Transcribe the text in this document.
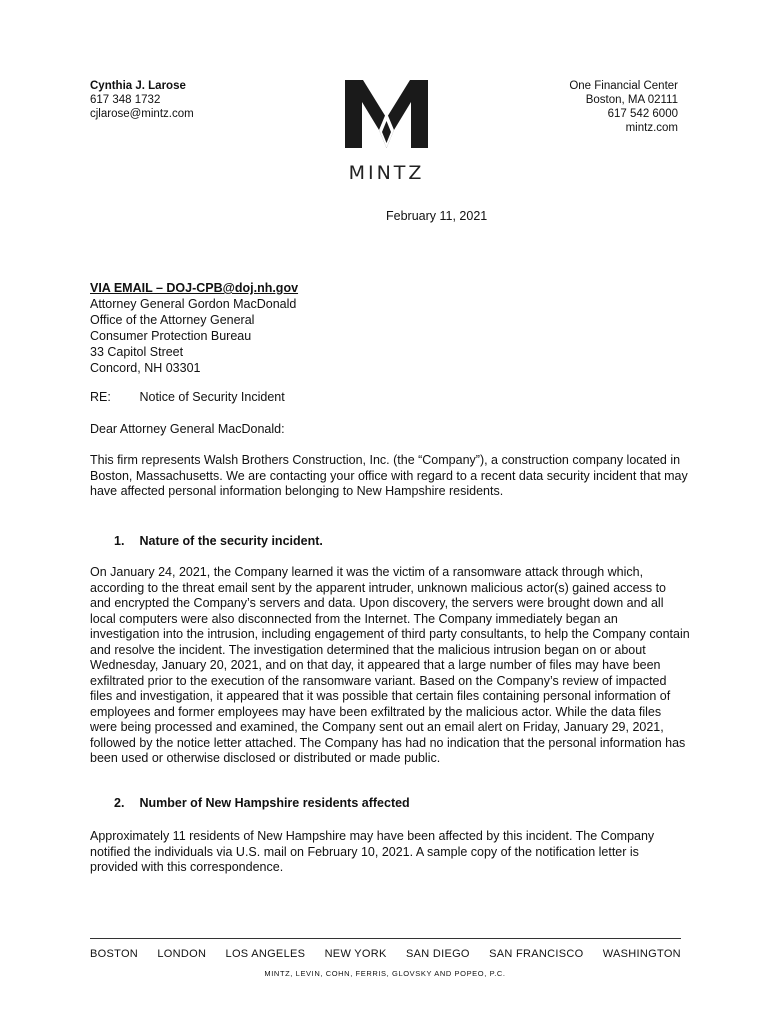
Cynthia J. Larose
617 348 1732
cjlarose@mintz.com
MINTZ
One Financial Center
Boston, MA 02111
617 542 6000
mintz.com
February 11, 2021
VIA EMAIL – DOJ-CPB@doj.nh.gov
Attorney General Gordon MacDonald
Office of the Attorney General
Consumer Protection Bureau
33 Capitol Street
Concord, NH 03301
RE: Notice of Security Incident
Dear Attorney General MacDonald:
This firm represents Walsh Brothers Construction, Inc. (the “Company”), a construction company located in Boston, Massachusetts. We are contacting your office with regard to a recent data security incident that may have affected personal information belonging to New Hampshire residents.
1. Nature of the security incident.
On January 24, 2021, the Company learned it was the victim of a ransomware attack through which, according to the threat email sent by the apparent intruder, unknown malicious actor(s) gained access to and encrypted the Company’s servers and data. Upon discovery, the servers were brought down and all local computers were also disconnected from the Internet. The Company immediately began an investigation into the intrusion, including engagement of third party consultants, to help the Company contain and resolve the incident. The investigation determined that the malicious intrusion began on or about Wednesday, January 20, 2021, and on that day, it appeared that a large number of files may have been exfiltrated prior to the execution of the ransomware variant. Based on the Company’s review of impacted files and investigation, it appeared that it was possible that certain files containing personal information of employees and former employees may have been exfiltrated by the malicious actor. While the data files were being processed and examined, the Company sent out an email alert on Friday, January 29, 2021, followed by the notice letter attached. The Company has had no indication that the personal information has been used or otherwise disclosed or distributed or made public.
2. Number of New Hampshire residents affected
Approximately 11 residents of New Hampshire may have been affected by this incident. The Company notified the individuals via U.S. mail on February 10, 2021. A sample copy of the notification letter is provided with this correspondence.
BOSTON LONDON LOS ANGELES NEW YORK SAN DIEGO SAN FRANCISCO WASHINGTON
MINTZ, LEVIN, COHN, FERRIS, GLOVSKY AND POPEO, P.C.
